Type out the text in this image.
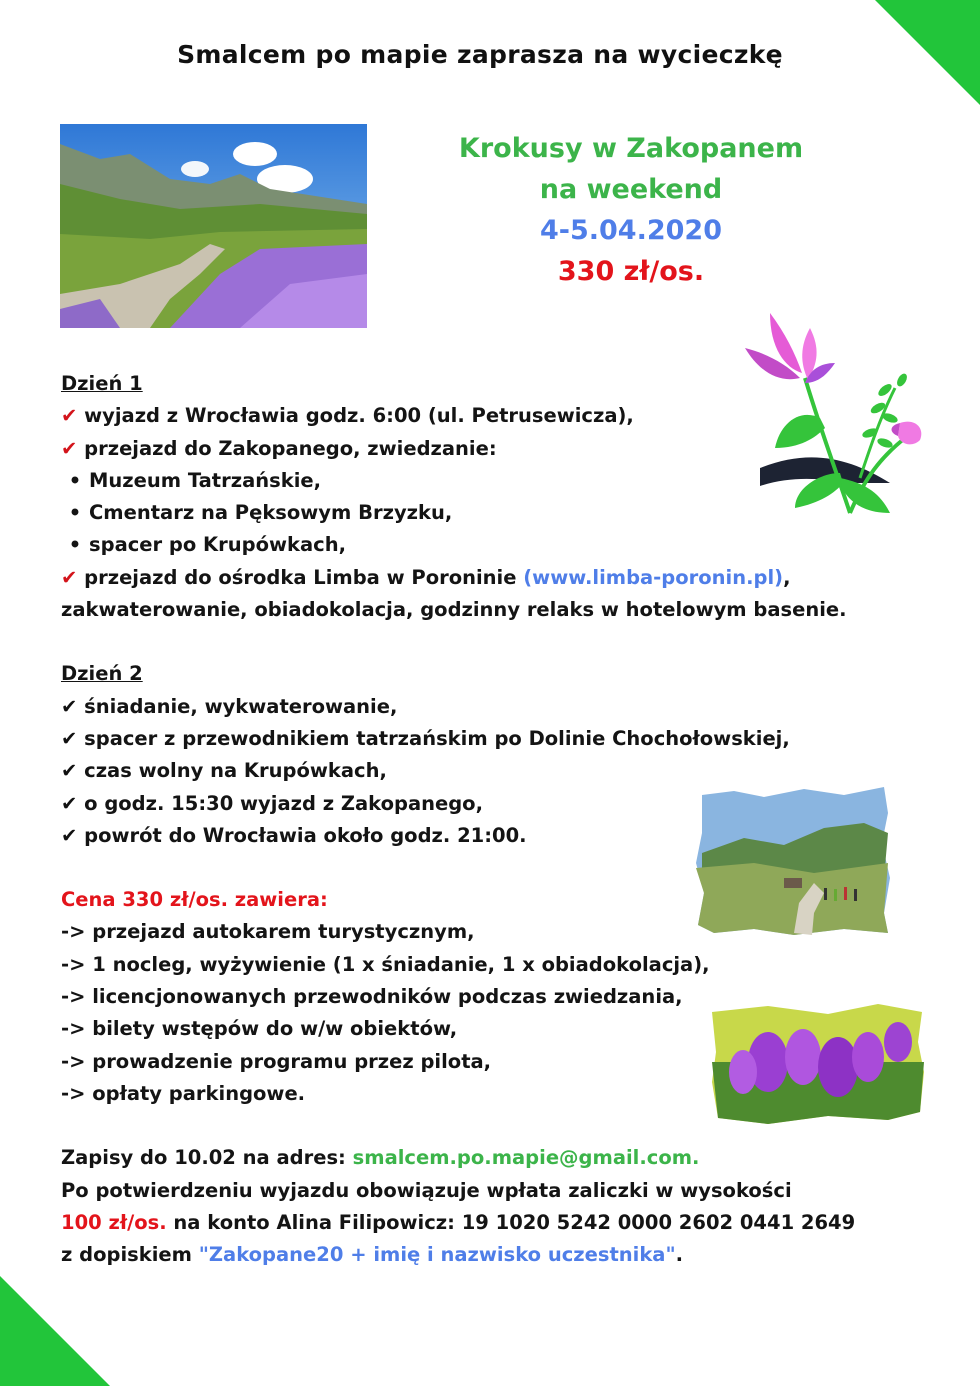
Smalcem po mapie zaprasza na wycieczkę
Krokusy w Zakopanem
na weekend
4-5.04.2020
330 zł/os.
Dzień 1
✔ wyjazd z Wrocławia godz. 6:00 (ul. Petrusewicza),
✔ przejazd do Zakopanego, zwiedzanie:
• Muzeum Tatrzańskie,
• Cmentarz na Pęksowym Brzyzku,
• spacer po Krupówkach,
✔ przejazd do ośrodka Limba w Poroninie (www.limba-poronin.pl),
zakwaterowanie, obiadokolacja, godzinny relaks w hotelowym basenie.
Dzień 2
✔ śniadanie, wykwaterowanie,
✔ spacer z przewodnikiem tatrzańskim po Dolinie Chochołowskiej,
✔ czas wolny na Krupówkach,
✔ o godz. 15:30 wyjazd z Zakopanego,
✔ powrót do Wrocławia około godz. 21:00.
Cena 330 zł/os. zawiera:
-> przejazd autokarem turystycznym,
-> 1 nocleg, wyżywienie (1 x śniadanie, 1 x obiadokolacja),
-> licencjonowanych przewodników podczas zwiedzania,
-> bilety wstępów do w/w obiektów,
-> prowadzenie programu przez pilota,
-> opłaty parkingowe.
Zapisy do 10.02 na adres: smalcem.po.mapie@gmail.com.
Po potwierdzeniu wyjazdu obowiązuje wpłata zaliczki w wysokości
100 zł/os. na konto Alina Filipowicz: 19 1020 5242 0000 2602 0441 2649
z dopiskiem "Zakopane20 + imię i nazwisko uczestnika".
